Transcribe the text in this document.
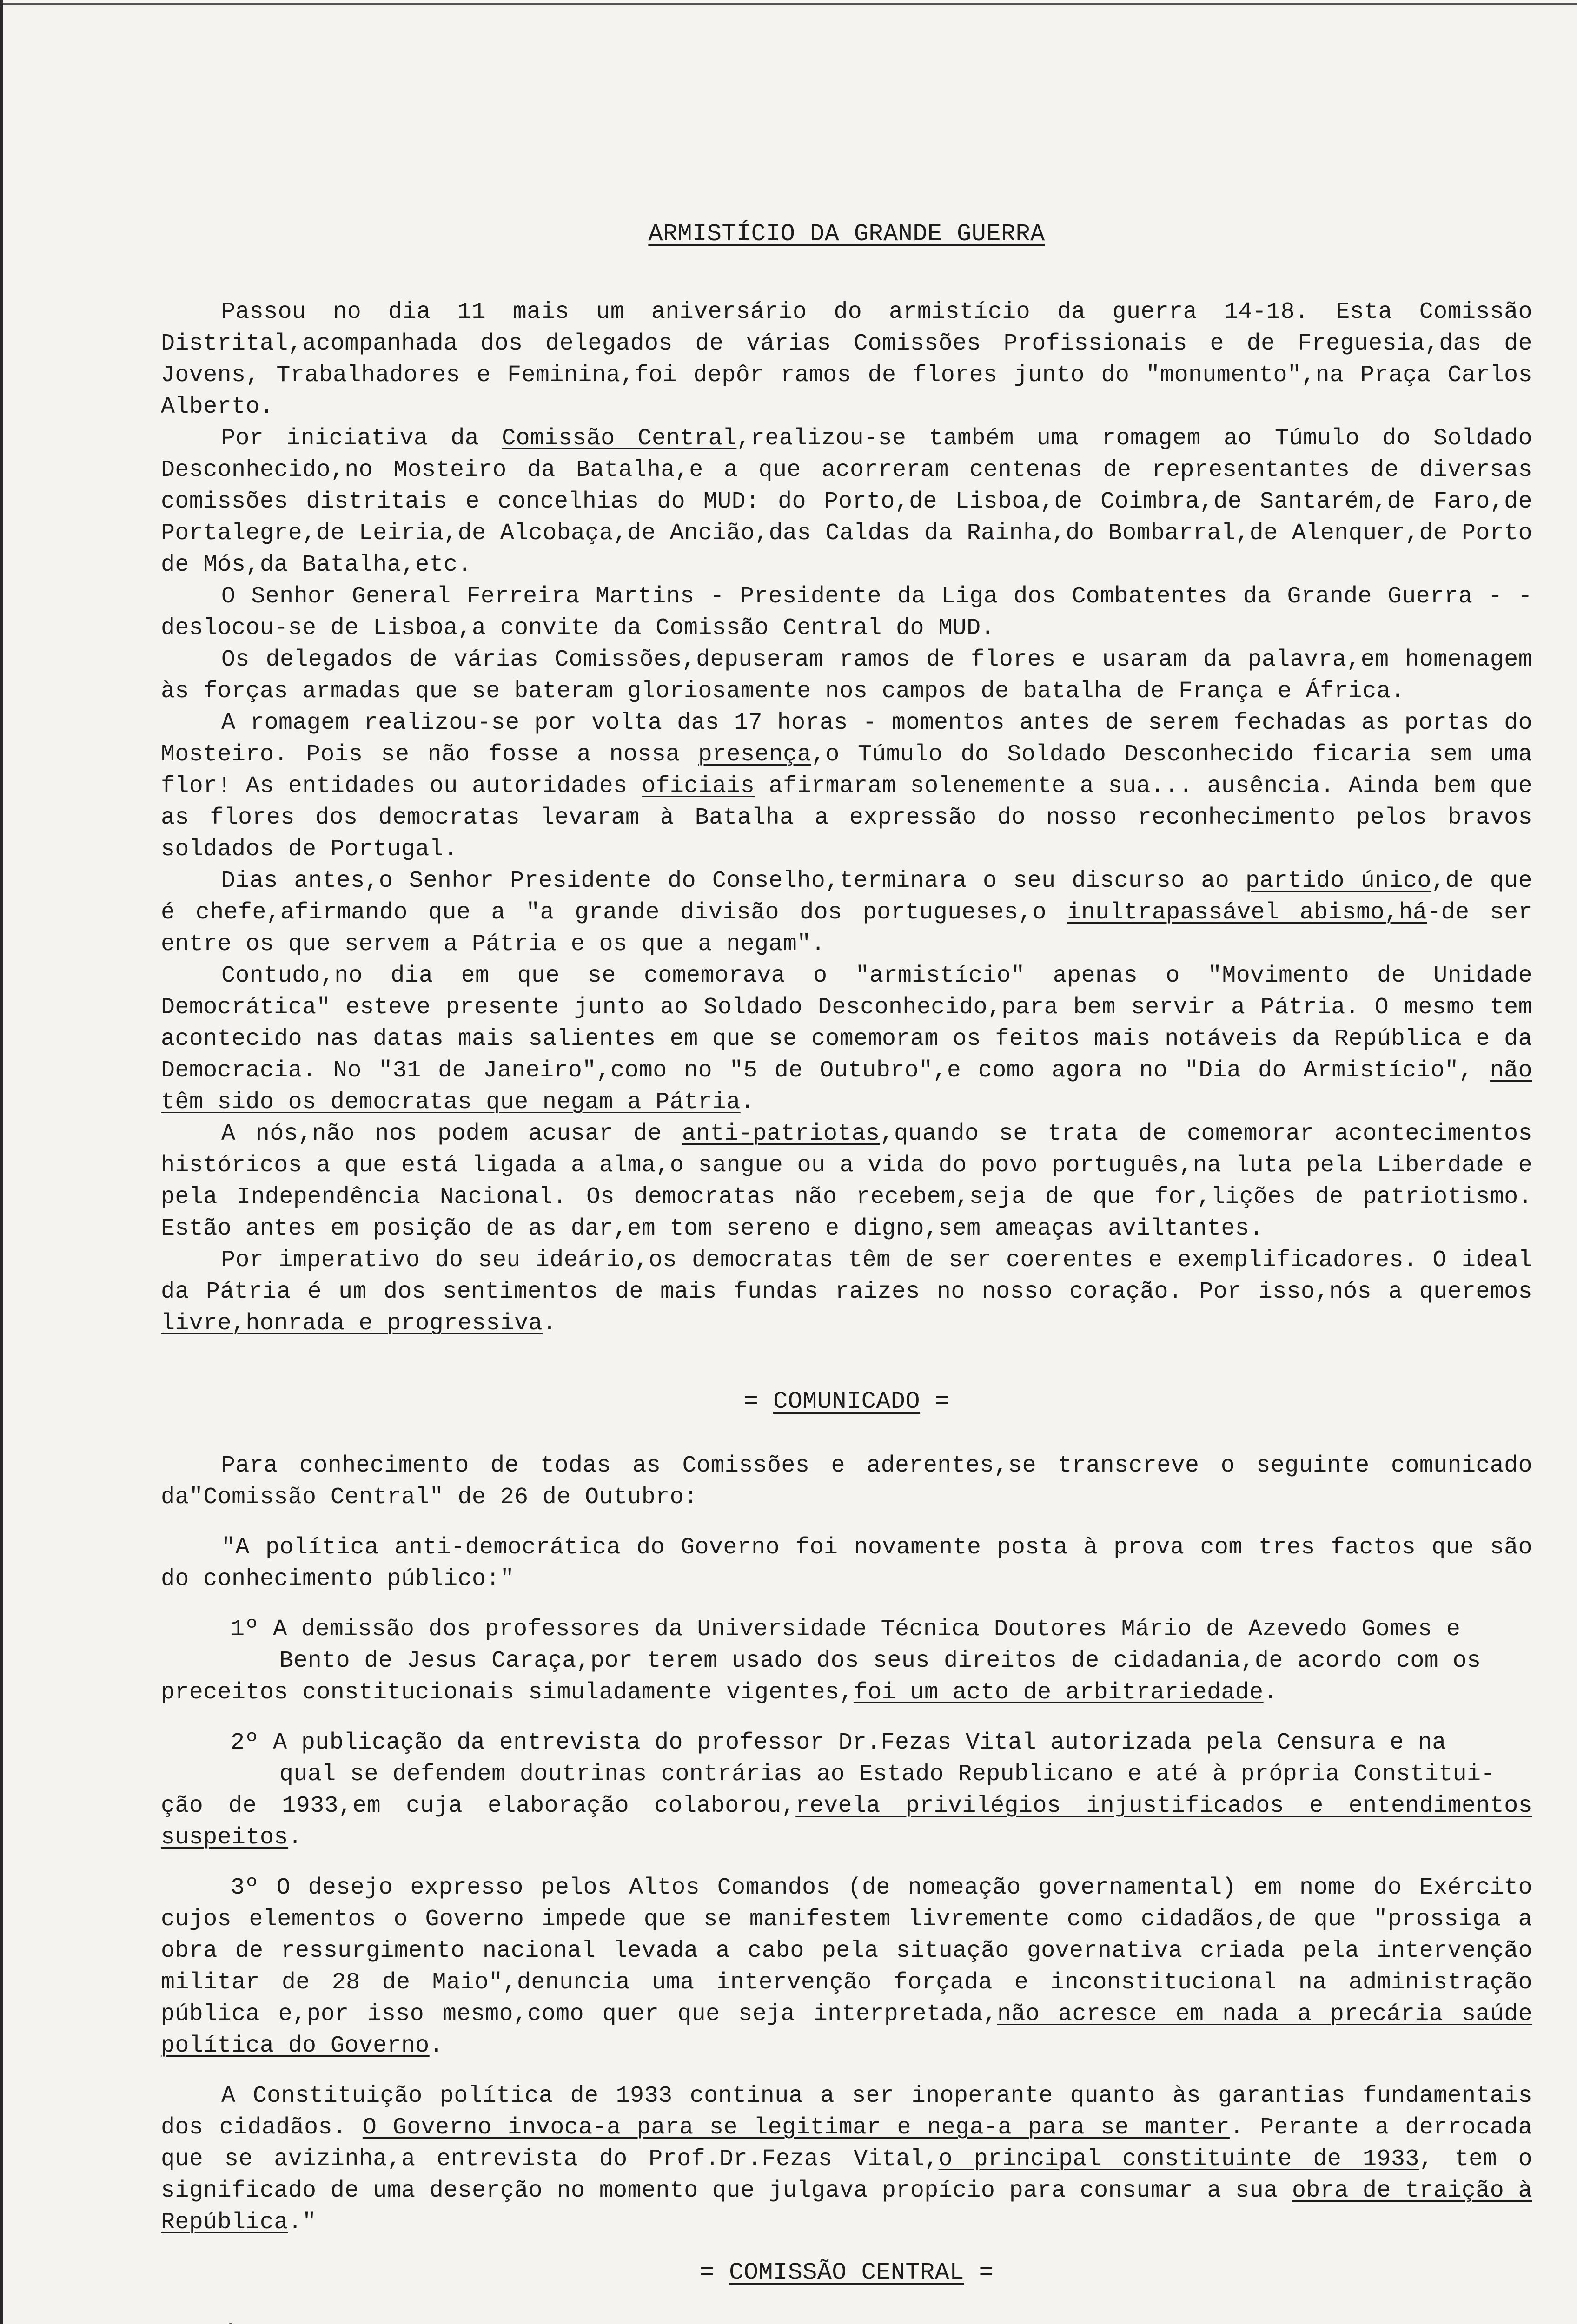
ARMISTÍCIO DA GRANDE GUERRA

Passou no dia 11 mais um aniversário do armistício da guerra 14-18. Esta Comissão Distrital,acompanhada dos delegados de várias Comissões Profissionais e de Freguesia,das de Jovens, Trabalhadores e Feminina,foi depôr ramos de flores junto do "monumento",na Praça Carlos Alberto.

Por iniciativa da Comissão Central,realizou-se também uma romagem ao Túmulo do Soldado Desconhecido,no Mosteiro da Batalha,e a que acorreram centenas de representantes de diversas comissões distritais e concelhias do MUD: do Porto,de Lisboa,de Coimbra,de Santarém,de Faro,de Portalegre,de Leiria,de Alcobaça,de Ancião,das Caldas da Rainha,do Bombarral,de Alenquer,de Porto de Mós,da Batalha,etc.

O Senhor General Ferreira Martins - Presidente da Liga dos Combatentes da Grande Guerra - - deslocou-se de Lisboa,a convite da Comissão Central do MUD.

Os delegados de várias Comissões,depuseram ramos de flores e usaram da palavra,em homenagem às forças armadas que se bateram gloriosamente nos campos de batalha de França e África.

A romagem realizou-se por volta das 17 horas - momentos antes de serem fechadas as portas do Mosteiro. Pois se não fosse a nossa presença,o Túmulo do Soldado Desconhecido ficaria sem uma flor! As entidades ou autoridades oficiais afirmaram solenemente a sua... ausência. Ainda bem que as flores dos democratas levaram à Batalha a expressão do nosso reconhecimento pelos bravos soldados de Portugal.

Dias antes,o Senhor Presidente do Conselho,terminara o seu discurso ao partido único,de que é chefe,afirmando que a "a grande divisão dos portugueses,o inultrapassável abismo,há-de ser entre os que servem a Pátria e os que a negam".

Contudo,no dia em que se comemorava o "armistício" apenas o "Movimento de Unidade Democrática" esteve presente junto ao Soldado Desconhecido,para bem servir a Pátria. O mesmo tem acontecido nas datas mais salientes em que se comemoram os feitos mais notáveis da República e da Democracia. No "31 de Janeiro",como no "5 de Outubro",e como agora no "Dia do Armistício", não têm sido os democratas que negam a Pátria.

A nós,não nos podem acusar de anti-patriotas,quando se trata de comemorar acontecimentos históricos a que está ligada a alma,o sangue ou a vida do povo português,na luta pela Liberdade e pela Independência Nacional. Os democratas não recebem,seja de que for,lições de patriotismo. Estão antes em posição de as dar,em tom sereno e digno,sem ameaças aviltantes.

Por imperativo do seu ideário,os democratas têm de ser coerentes e exemplificadores. O ideal da Pátria é um dos sentimentos de mais fundas raizes no nosso coração. Por isso,nós a queremos livre,honrada e progressiva.

= COMUNICADO =

Para conhecimento de todas as Comissões e aderentes,se transcreve o seguinte comunicado da"Comissão Central" de 26 de Outubro:

"A política anti-democrática do Governo foi novamente posta à prova com tres factos que são do conhecimento público:"

1º A demissão dos professores da Universidade Técnica Doutores Mário de Azevedo Gomes e

Bento de Jesus Caraça,por terem usado dos seus direitos de cidadania,de acordo com os

preceitos constitucionais simuladamente vigentes,foi um acto de arbitrariedade.

2º A publicação da entrevista do professor Dr.Fezas Vital autorizada pela Censura e na

qual se defendem doutrinas contrárias ao Estado Republicano e até à própria Constitui-

ção de 1933,em cuja elaboração colaborou,revela privilégios injustificados e entendimentos suspeitos.

3º O desejo expresso pelos Altos Comandos (de nomeação governamental) em nome do Exército cujos elementos o Governo impede que se manifestem livremente como cidadãos,de que "prossiga a obra de ressurgimento nacional levada a cabo pela situação governativa criada pela intervenção militar de 28 de Maio",denuncia uma intervenção forçada e inconstitucional na administração pública e,por isso mesmo,como quer que seja interpretada,não acresce em nada a precária saúde política do Governo.

A Constituição política de 1933 continua a ser inoperante quanto às garantias fundamentais dos cidadãos. O Governo invoca-a para se legitimar e nega-a para se manter. Perante a derrocada que se avizinha,a entrevista do Prof.Dr.Fezas Vital,o principal constituinte de 1933, tem o significado de uma deserção no momento que julgava propício para consumar a sua obra de traição à República."

= COMISSÃO CENTRAL =
